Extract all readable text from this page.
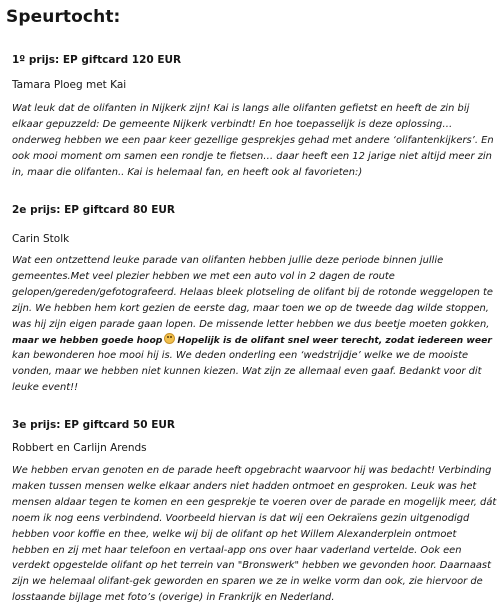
Speurtocht:
1º prijs: EP giftcard 120 EUR
Tamara Ploeg met Kai
Wat leuk dat de olifanten in Nijkerk zijn! Kai is langs alle olifanten gefietst en heeft de zin bij
elkaar gepuzzeld: De gemeente Nijkerk verbindt! En hoe toepasselijk is deze oplossing…
onderweg hebben we een paar keer gezellige gesprekjes gehad met andere ‘olifantenkijkers’. En
ook mooi moment om samen een rondje te fietsen… daar heeft een 12 jarige niet altijd meer zin
in, maar die olifanten.. Kai is helemaal fan, en heeft ook al favorieten:)
2e prijs: EP giftcard 80 EUR
Carin Stolk
Wat een ontzettend leuke parade van olifanten hebben jullie deze periode binnen jullie
gemeentes.Met veel plezier hebben we met een auto vol in 2 dagen de route
gelopen/gereden/gefotografeerd. Helaas bleek plotseling de olifant bij de rotonde weggelopen te
zijn. We hebben hem kort gezien de eerste dag, maar toen we op de tweede dag wilde stoppen,
was hij zijn eigen parade gaan lopen. De missende letter hebben we dus beetje moeten gokken,
maar we hebben goede hoop Hopelijk is de olifant snel weer terecht, zodat iedereen weer
kan bewonderen hoe mooi hij is. We deden onderling een ‘wedstrijdje’ welke we de mooiste
vonden, maar we hebben niet kunnen kiezen. Wat zijn ze allemaal even gaaf. Bedankt voor dit
leuke event!!
3e prijs: EP giftcard 50 EUR
Robbert en Carlijn Arends
We hebben ervan genoten en de parade heeft opgebracht waarvoor hij was bedacht! Verbinding
maken tussen mensen welke elkaar anders niet hadden ontmoet en gesproken. Leuk was het
mensen aldaar tegen te komen en een gesprekje te voeren over de parade en mogelijk meer, dát
noem ik nog eens verbindend. Voorbeeld hiervan is dat wij een Oekraïens gezin uitgenodigd
hebben voor koffie en thee, welke wij bij de olifant op het Willem Alexanderplein ontmoet
hebben en zij met haar telefoon en vertaal-app ons over haar vaderland vertelde. Ook een
verdekt opgestelde olifant op het terrein van "Bronswerk" hebben we gevonden hoor. Daarnaast
zijn we helemaal olifant-gek geworden en sparen we ze in welke vorm dan ook, zie hiervoor de
losstaande bijlage met foto’s (overige) in Frankrijk en Nederland.
